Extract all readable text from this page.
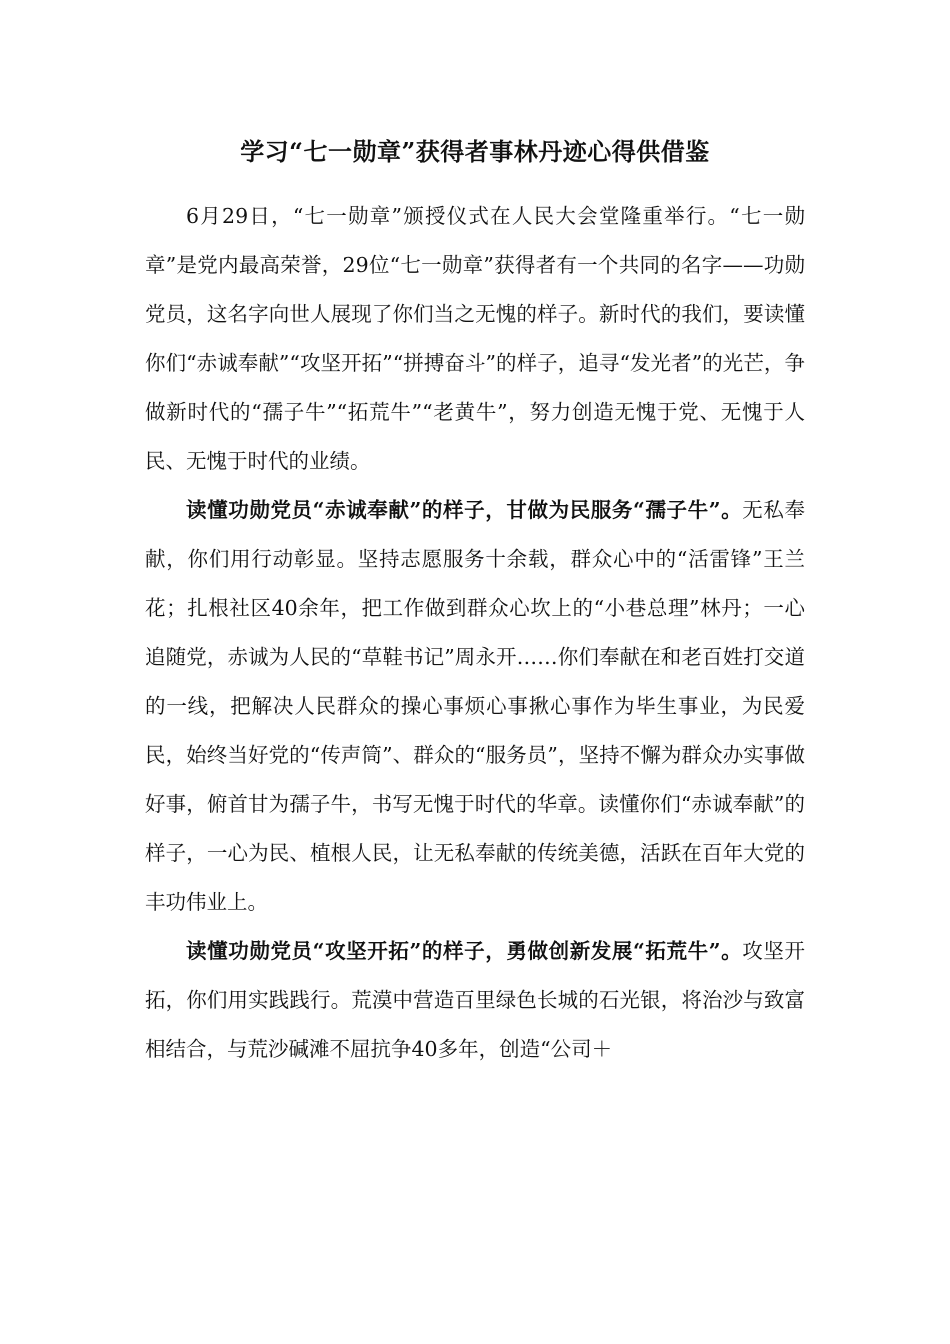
学习“七一勋章”获得者事林丹迹心得供借鉴

6月29日，“七一勋章”颁授仪式在人民大会堂隆重举行。“七一勋章”是党内最高荣誉，29位“七一勋章”获得者有一个共同的名字——功勋党员，这名字向世人展现了你们当之无愧的样子。新时代的我们，要读懂你们“赤诚奉献”“攻坚开拓”“拼搏奋斗”的样子，追寻“发光者”的光芒，争做新时代的“孺子牛”“拓荒牛”“老黄牛”，努力创造无愧于党、无愧于人民、无愧于时代的业绩。

读懂功勋党员“赤诚奉献”的样子，甘做为民服务“孺子牛”。无私奉献，你们用行动彰显。坚持志愿服务十余载，群众心中的“活雷锋”王兰花；扎根社区40余年，把工作做到群众心坎上的“小巷总理”林丹；一心追随党，赤诚为人民的“草鞋书记”周永开……你们奉献在和老百姓打交道的一线，把解决人民群众的操心事烦心事揪心事作为毕生事业，为民爱民，始终当好党的“传声筒”、群众的“服务员”，坚持不懈为群众办实事做好事，俯首甘为孺子牛，书写无愧于时代的华章。读懂你们“赤诚奉献”的样子，一心为民、植根人民，让无私奉献的传统美德，活跃在百年大党的丰功伟业上。

读懂功勋党员“攻坚开拓”的样子，勇做创新发展“拓荒牛”。攻坚开拓，你们用实践践行。荒漠中营造百里绿色长城的石光银，将治沙与致富相结合，与荒沙碱滩不屈抗争40多年，创造“公司＋
